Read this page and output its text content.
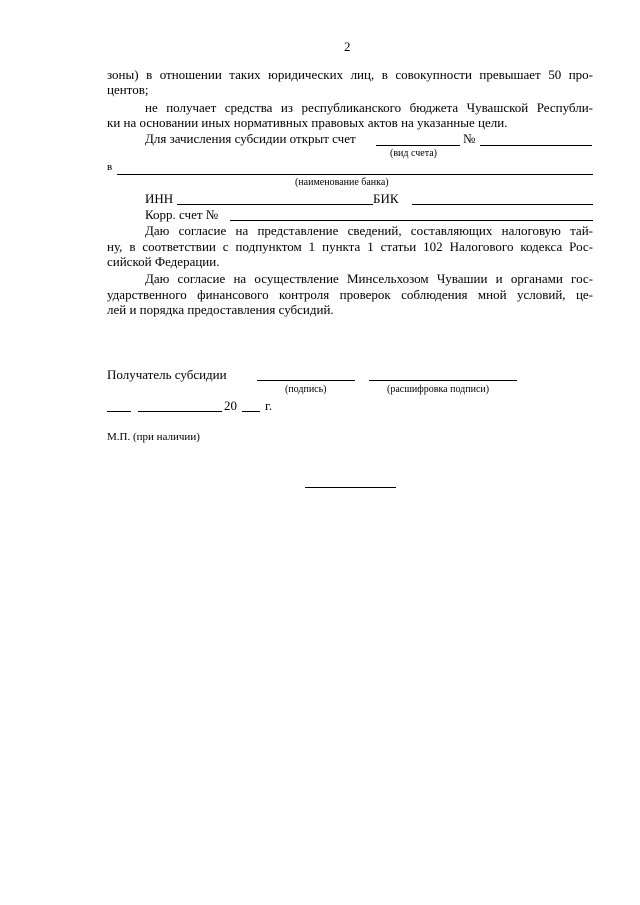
2
зоны) в отношении таких юридических лиц, в совокупности превышает 50 про-
центов;
не получает средства из республиканского бюджета Чувашской Республи-
ки на основании иных нормативных правовых актов на указанные цели.
Для зачисления субсидии открыт счет	№
(вид счета)
в
(наименование банка)
ИНН	БИК
Корр. счет №
Даю согласие на представление сведений, составляющих налоговую тай-
ну, в соответствии с подпунктом 1 пункта 1 статьи 102 Налогового кодекса Рос-
сийской Федерации.
Даю согласие на осуществление Минсельхозом Чувашии и органами гос-
ударственного финансового контроля проверок соблюдения мной условий, це-
лей и порядка предоставления субсидий.
Получатель субсидии
(подпись)	(расшифровка подписи)
20 г.
М.П. (при наличии)
